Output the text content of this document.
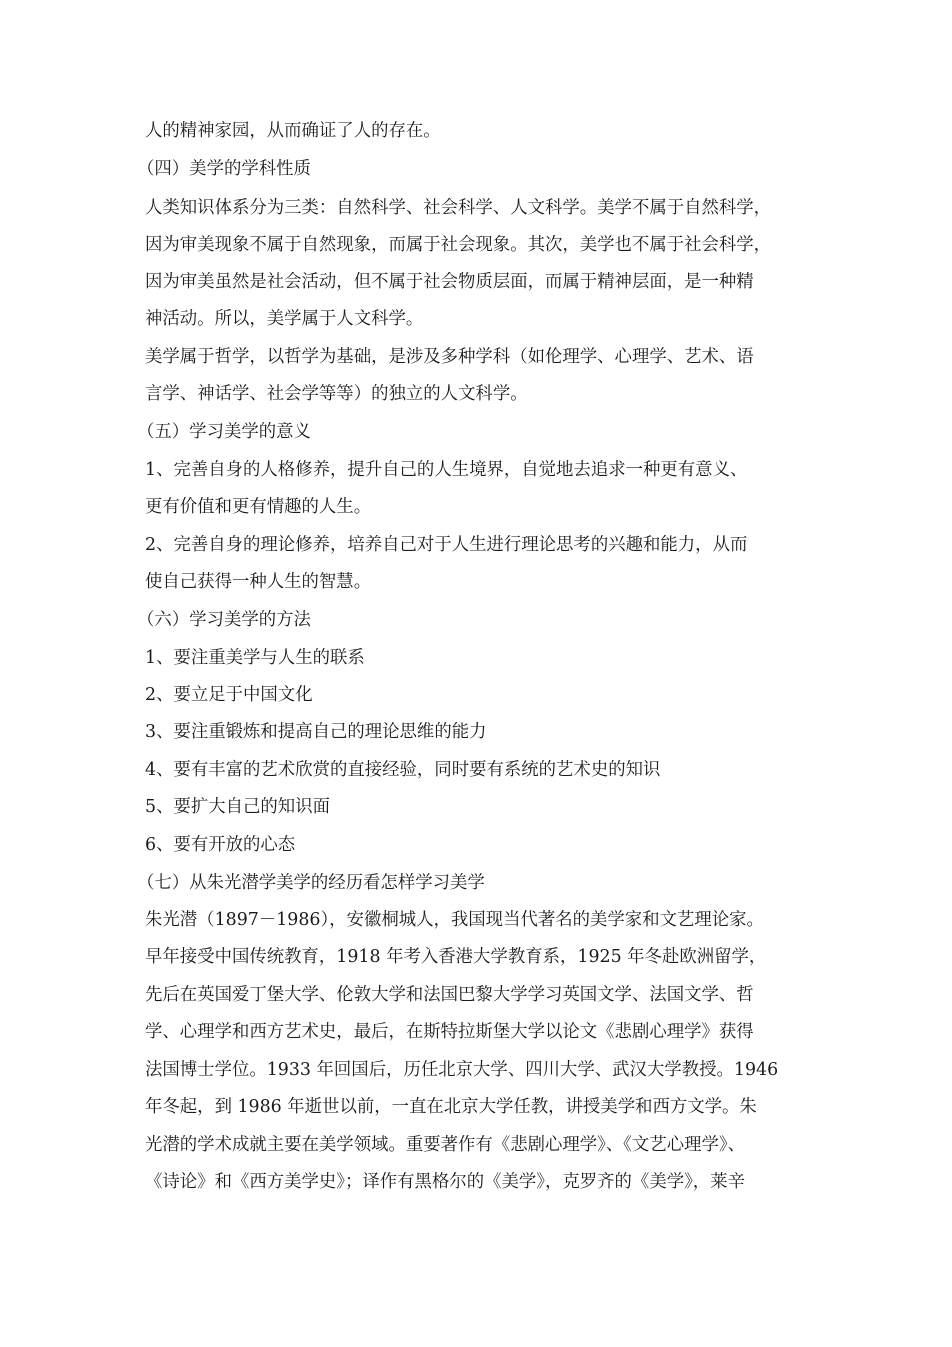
人的精神家园，从而确证了人的存在。
（四）美学的学科性质
人类知识体系分为三类：自然科学、社会科学、人文科学。美学不属于自然科学，
因为审美现象不属于自然现象，而属于社会现象。其次，美学也不属于社会科学，
因为审美虽然是社会活动，但不属于社会物质层面，而属于精神层面，是一种精
神活动。所以，美学属于人文科学。
美学属于哲学，以哲学为基础，是涉及多种学科（如伦理学、心理学、艺术、语
言学、神话学、社会学等等）的独立的人文科学。
（五）学习美学的意义
1、完善自身的人格修养，提升自己的人生境界，自觉地去追求一种更有意义、
更有价值和更有情趣的人生。
2、完善自身的理论修养，培养自己对于人生进行理论思考的兴趣和能力，从而
使自己获得一种人生的智慧。
（六）学习美学的方法
1、要注重美学与人生的联系
2、要立足于中国文化
3、要注重锻炼和提高自己的理论思维的能力
4、要有丰富的艺术欣赏的直接经验，同时要有系统的艺术史的知识
5、要扩大自己的知识面
6、要有开放的心态
（七）从朱光潜学美学的经历看怎样学习美学
朱光潜（1897－1986），安徽桐城人，我国现当代著名的美学家和文艺理论家。
早年接受中国传统教育，1918 年考入香港大学教育系，1925 年冬赴欧洲留学，
先后在英国爱丁堡大学、伦敦大学和法国巴黎大学学习英国文学、法国文学、哲
学、心理学和西方艺术史，最后，在斯特拉斯堡大学以论文《悲剧心理学》获得
法国博士学位。1933 年回国后，历任北京大学、四川大学、武汉大学教授。1946
年冬起，到 1986 年逝世以前，一直在北京大学任教，讲授美学和西方文学。朱
光潜的学术成就主要在美学领域。重要著作有《悲剧心理学》、《文艺心理学》、
《诗论》和《西方美学史》；译作有黑格尔的《美学》，克罗齐的《美学》，莱辛
